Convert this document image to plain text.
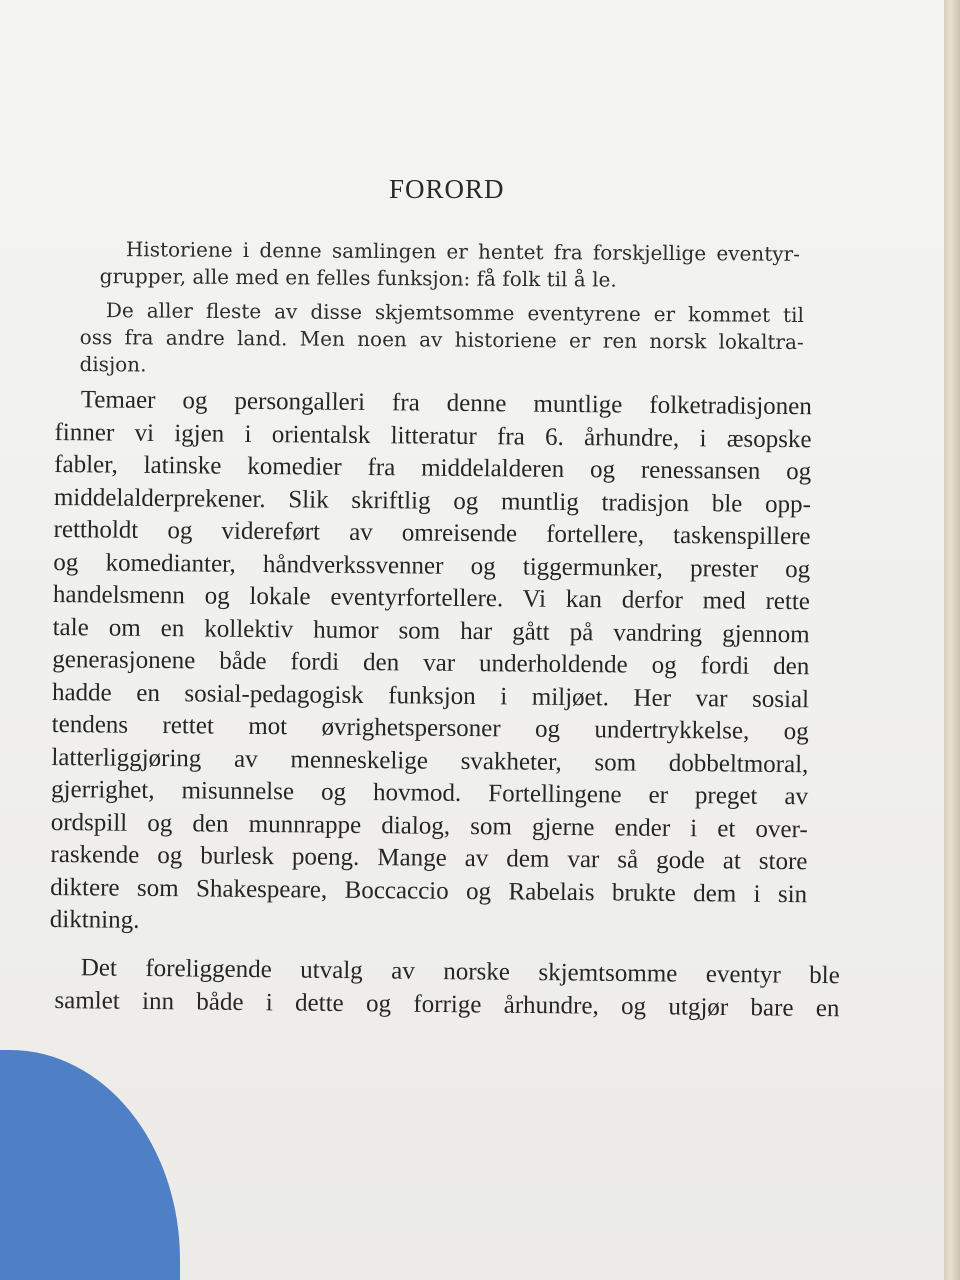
FORORD

Historiene i denne samlingen er hentet fra forskjellige eventyr-
grupper, alle med en felles funksjon: få folk til å le.

De aller fleste av disse skjemtsomme eventyrene er kommet til
oss fra andre land. Men noen av historiene er ren norsk lokaltra-
disjon.

Temaer og persongalleri fra denne muntlige folketradisjonen
finner vi igjen i orientalsk litteratur fra 6. århundre, i æsopske
fabler, latinske komedier fra middelalderen og renessansen og
middelalderprekener. Slik skriftlig og muntlig tradisjon ble opp-
rettholdt og videreført av omreisende fortellere, taskenspillere
og komedianter, håndverkssvenner og tiggermunker, prester og
handelsmenn og lokale eventyrfortellere. Vi kan derfor med rette
tale om en kollektiv humor som har gått på vandring gjennom
generasjonene både fordi den var underholdende og fordi den
hadde en sosial-pedagogisk funksjon i miljøet. Her var sosial
tendens rettet mot øvrighetspersoner og undertrykkelse, og
latterliggjøring av menneskelige svakheter, som dobbeltmoral,
gjerrighet, misunnelse og hovmod. Fortellingene er preget av
ordspill og den munnrappe dialog, som gjerne ender i et over-
raskende og burlesk poeng. Mange av dem var så gode at store
diktere som Shakespeare, Boccaccio og Rabelais brukte dem i sin
diktning.

Det foreliggende utvalg av norske skjemtsomme eventyr ble
samlet inn både i dette og forrige århundre, og utgjør bare en
